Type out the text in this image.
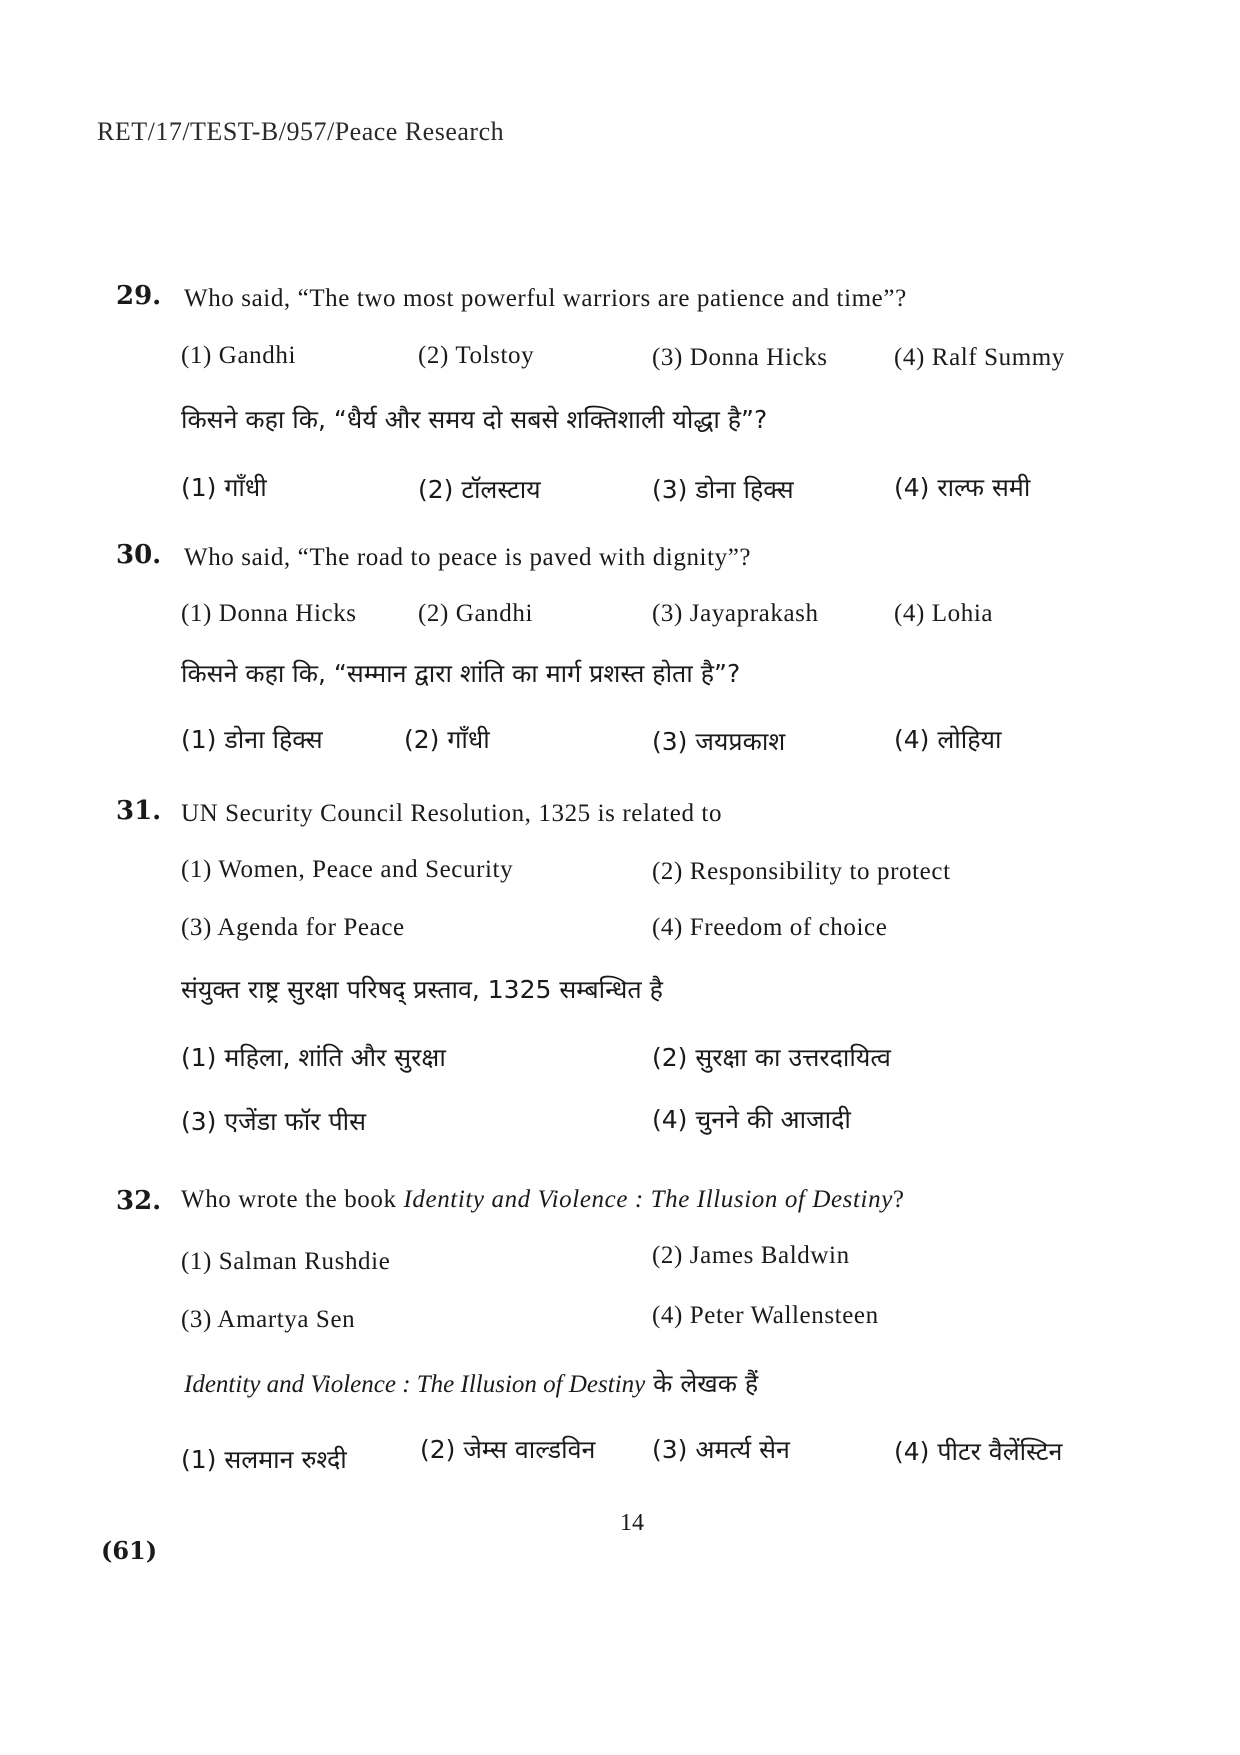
RET/17/TEST-B/957/Peace Research
29. Who said, “The two most powerful warriors are patience and time”?
(1) Gandhi	(2) Tolstoy	(3) Donna Hicks	(4) Ralf Summy
किसने कहा कि, “धैर्य और समय दो सबसे शक्तिशाली योद्धा है”?
(1) गाँधी	(2) टॉलस्टाय	(3) डोना हिक्स	(4) राल्फ समी
30. Who said, “The road to peace is paved with dignity”?
(1) Donna Hicks (2) Gandhi	(3) Jayaprakash	(4) Lohia
किसने कहा कि, “सम्मान द्वारा शांति का मार्ग प्रशस्त होता है”?
(1) डोना हिक्स	(2) गाँधी	(3) जयप्रकाश	(4) लोहिया
31. UN Security Council Resolution, 1325 is related to
(1) Women, Peace and Security	(2) Responsibility to protect
(3) Agenda for Peace	(4) Freedom of choice
संयुक्त राष्ट्र सुरक्षा परिषद् प्रस्ताव, 1325 सम्बन्धित है
(1) महिला, शांति और सुरक्षा	(2) सुरक्षा का उत्तरदायित्व
(3) एजेंडा फॉर पीस	(4) चुनने की आजादी
32. Who wrote the book Identity and Violence : The Illusion of Destiny?
(1) Salman Rushdie	(2) James Baldwin
(3) Amartya Sen	(4) Peter Wallensteen
Identity and Violence : The Illusion of Destiny के लेखक हैं
(1) सलमान रुश्दी	(2) जेम्स वाल्डविन (3) अमर्त्य सेन	(4) पीटर वैलेंस्टिन
14
(61)
